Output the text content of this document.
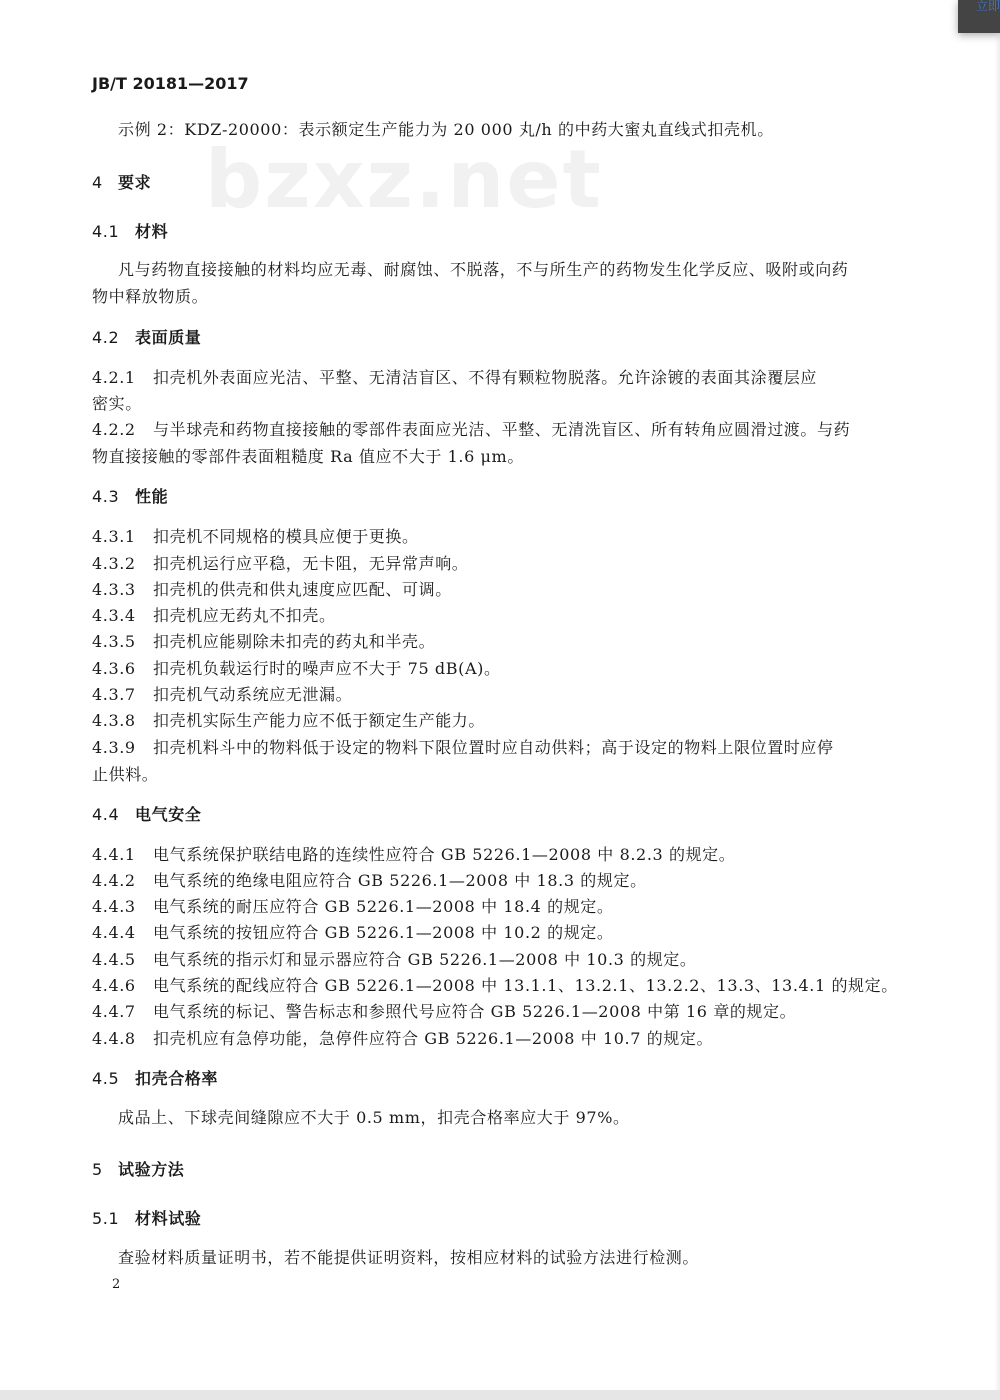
bzxz.net
JB/T 20181—2017
示例 2：KDZ-20000：表示额定生产能力为 20 000 丸/h 的中药大蜜丸直线式扣壳机。
4 要求
4.1 材料
凡与药物直接接触的材料均应无毒、耐腐蚀、不脱落，不与所生产的药物发生化学反应、吸附或向药
物中释放物质。
4.2 表面质量
4.2.1 扣壳机外表面应光洁、平整、无清洁盲区、不得有颗粒物脱落。允许涂镀的表面其涂覆层应
密实。
4.2.2 与半球壳和药物直接接触的零部件表面应光洁、平整、无清洗盲区、所有转角应圆滑过渡。与药
物直接接触的零部件表面粗糙度 Ra 值应不大于 1.6 μm。
4.3 性能
4.3.1 扣壳机不同规格的模具应便于更换。
4.3.2 扣壳机运行应平稳，无卡阻，无异常声响。
4.3.3 扣壳机的供壳和供丸速度应匹配、可调。
4.3.4 扣壳机应无药丸不扣壳。
4.3.5 扣壳机应能剔除未扣壳的药丸和半壳。
4.3.6 扣壳机负载运行时的噪声应不大于 75 dB(A)。
4.3.7 扣壳机气动系统应无泄漏。
4.3.8 扣壳机实际生产能力应不低于额定生产能力。
4.3.9 扣壳机料斗中的物料低于设定的物料下限位置时应自动供料；高于设定的物料上限位置时应停
止供料。
4.4 电气安全
4.4.1 电气系统保护联结电路的连续性应符合 GB 5226.1—2008 中 8.2.3 的规定。
4.4.2 电气系统的绝缘电阻应符合 GB 5226.1—2008 中 18.3 的规定。
4.4.3 电气系统的耐压应符合 GB 5226.1—2008 中 18.4 的规定。
4.4.4 电气系统的按钮应符合 GB 5226.1—2008 中 10.2 的规定。
4.4.5 电气系统的指示灯和显示器应符合 GB 5226.1—2008 中 10.3 的规定。
4.4.6 电气系统的配线应符合 GB 5226.1—2008 中 13.1.1、13.2.1、13.2.2、13.3、13.4.1 的规定。
4.4.7 电气系统的标记、警告标志和参照代号应符合 GB 5226.1—2008 中第 16 章的规定。
4.4.8 扣壳机应有急停功能，急停件应符合 GB 5226.1—2008 中 10.7 的规定。
4.5 扣壳合格率
成品上、下球壳间缝隙应不大于 0.5 mm，扣壳合格率应大于 97%。
5 试验方法
5.1 材料试验
查验材料质量证明书，若不能提供证明资料，按相应材料的试验方法进行检测。
2
立即
